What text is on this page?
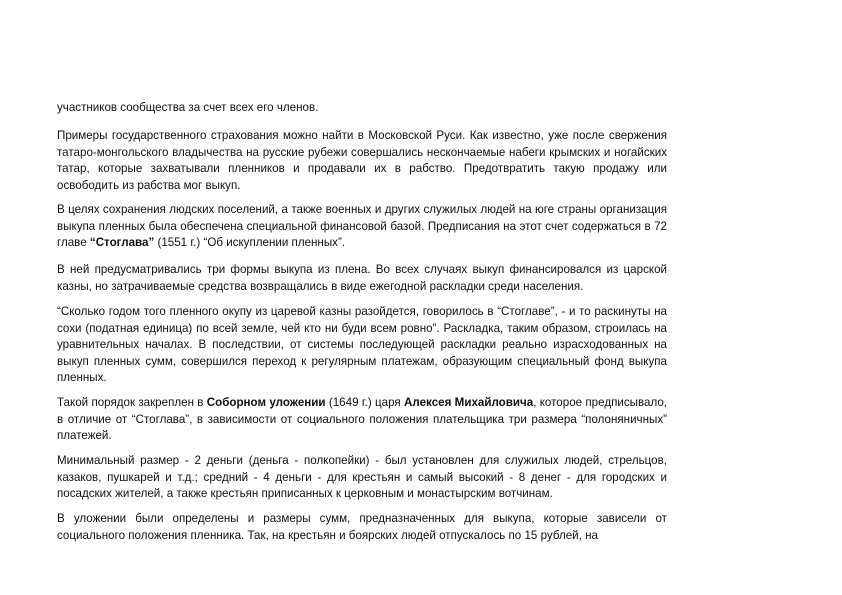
участников сообщества за счет всех его членов.

Примеры государственного страхования можно найти в Московской Руси. Как известно, уже после свержения татаро-монгольского владычества на русские рубежи совершались нескончаемые набеги крымских и ногайских татар, которые захватывали пленников и продавали их в рабство. Предотвратить такую продажу или освободить из рабства мог выкуп.

В целях сохранения людских поселений, а также военных и других служилых людей на юге страны организация выкупа пленных была обеспечена специальной финансовой базой. Предписания на этот счет содержаться в 72 главе “Стоглава” (1551 г.) “Об искуплении пленных”.

В ней предусматривались три формы выкупа из плена. Во всех случаях выкуп финансировался из царской казны, но затрачиваемые средства возвращались в виде ежегодной раскладки среди населения.

“Сколько годом того пленного окупу из царевой казны разойдется, говорилось в “Стоглаве”, - и то раскинуты на сохи (податная единица) по всей земле, чей кто ни буди всем ровно”. Раскладка, таким образом, строилась на уравнительных началах. В последствии, от системы последующей раскладки реально израсходованных на выкуп пленных сумм, совершился переход к регулярным платежам, образующим специальный фонд выкупа пленных.

Такой порядок закреплен в Соборном уложении (1649 г.) царя Алексея Михайловича, которое предписывало, в отличие от “Стоглава”, в зависимости от социального положения плательщика три размера “полоняничных” платежей.

Минимальный размер - 2 деньги (деньга - полкопейки) - был установлен для служилых людей, стрельцов, казаков, пушкарей и т.д.; средний - 4 деньги - для крестьян и самый высокий - 8 денег - для городских и посадских жителей, а также крестьян приписанных к церковным и монастырским вотчинам.

В уложении были определены и размеры сумм, предназначенных для выкупа, которые зависели от социального положения пленника. Так, на крестьян и боярских людей отпускалось по 15 рублей, на
